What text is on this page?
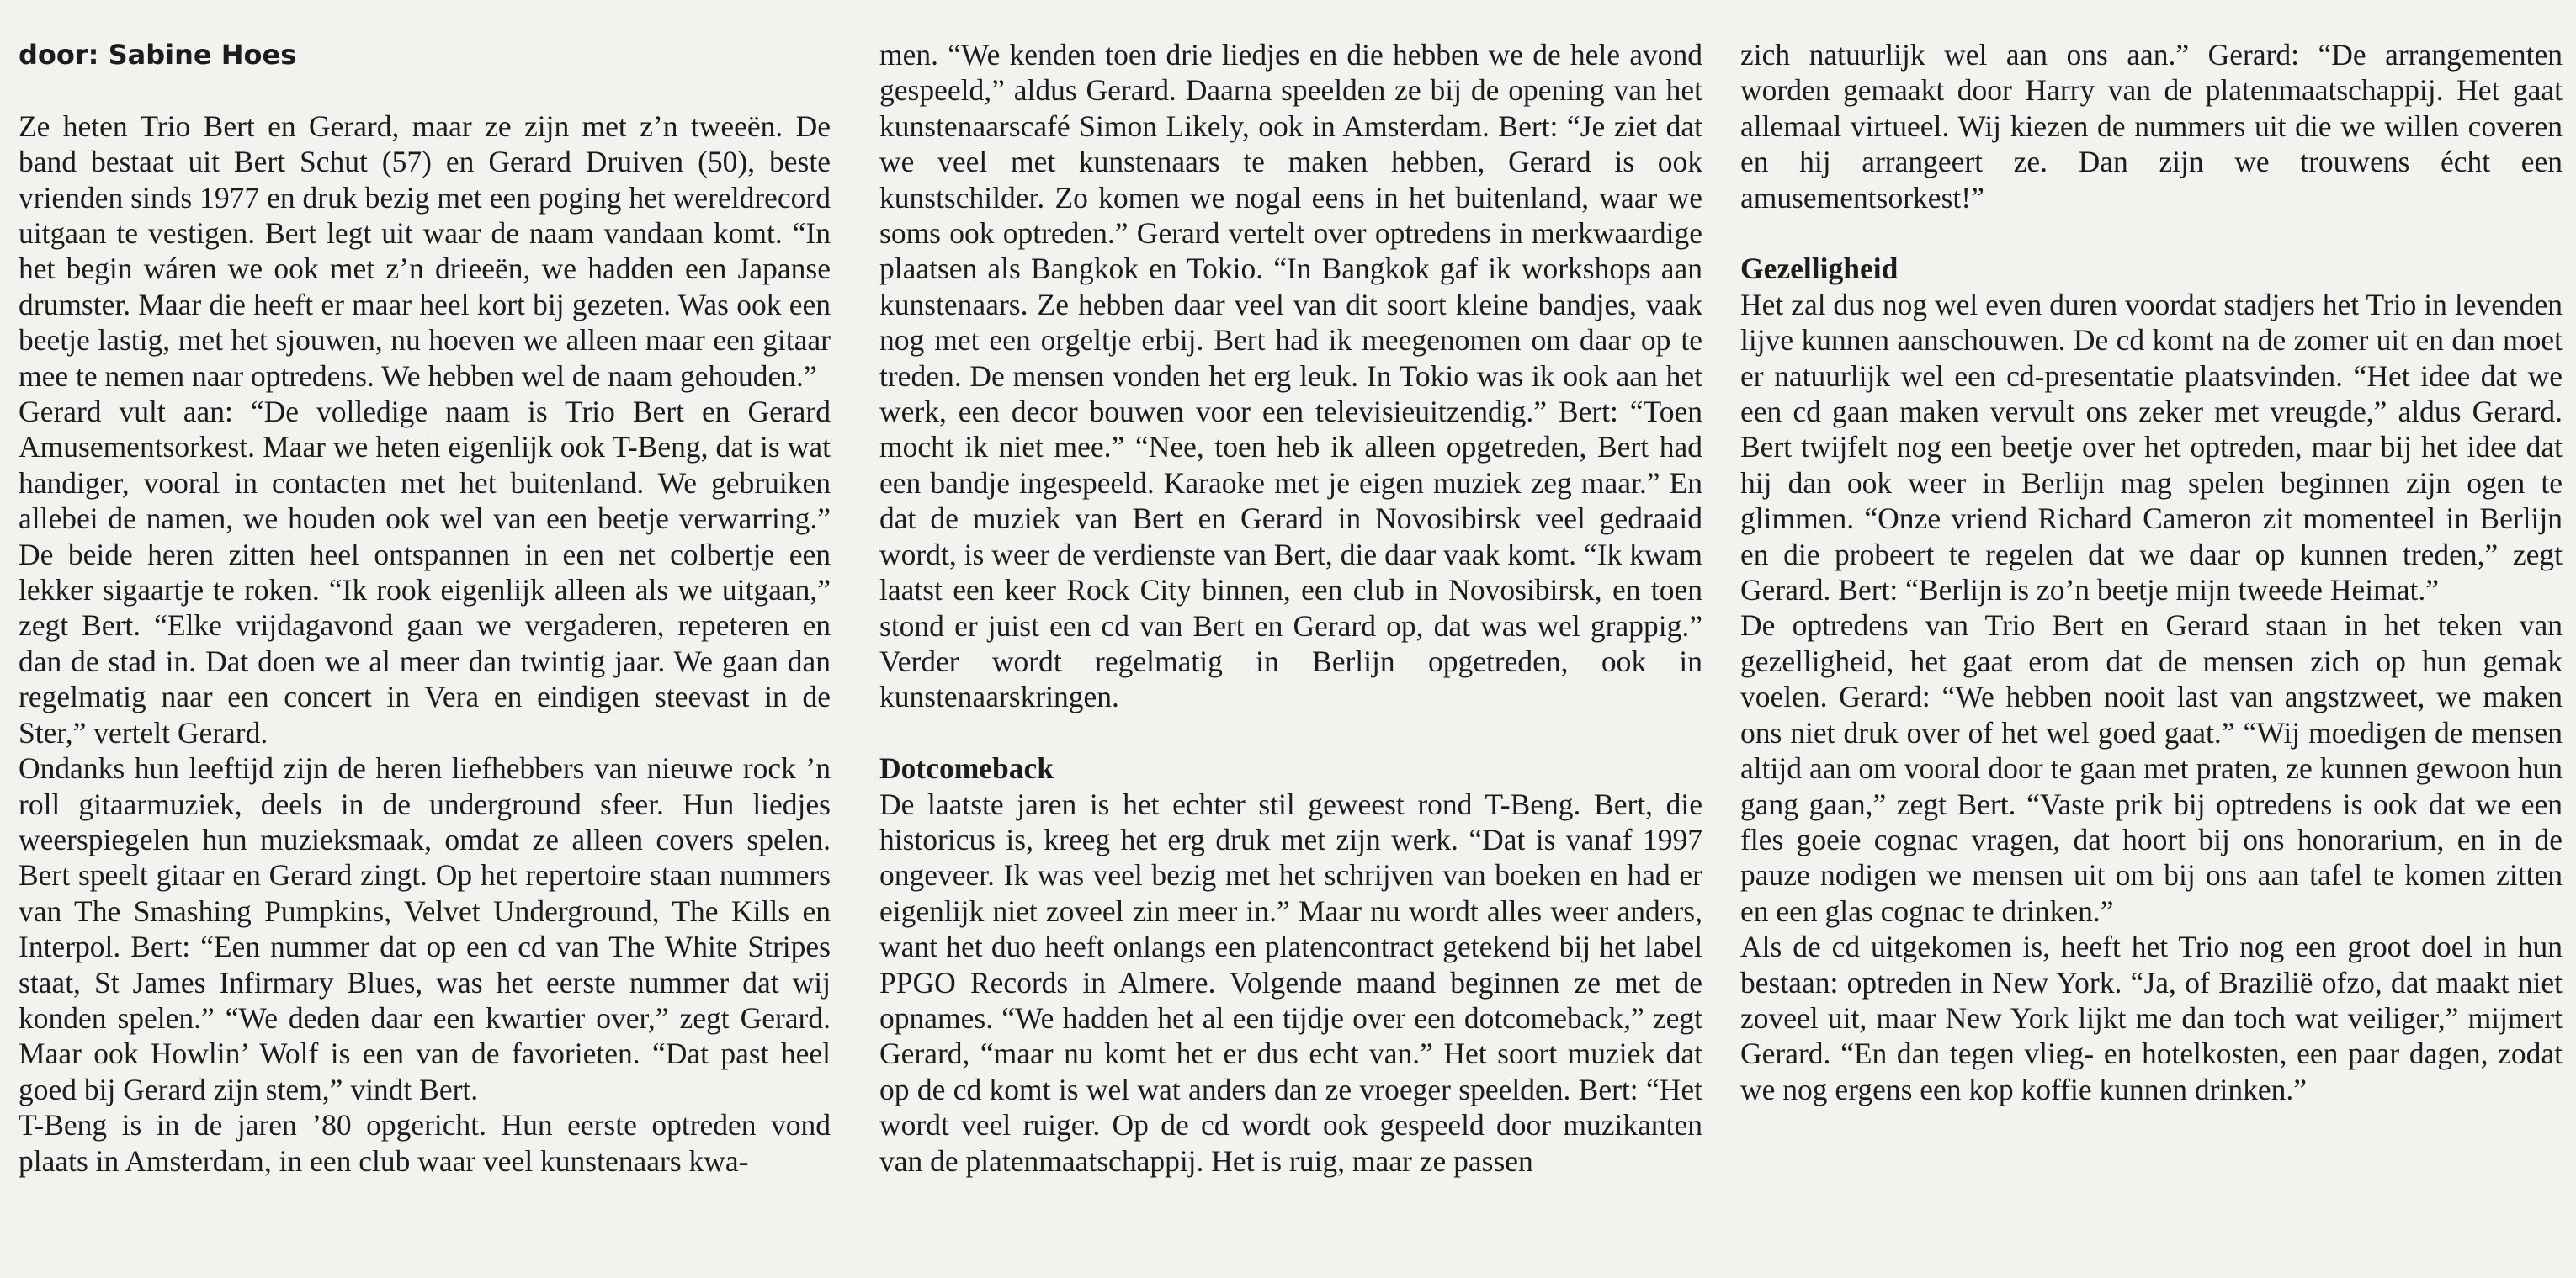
door: Sabine Hoes

Ze heten Trio Bert en Gerard, maar ze zijn met z’n tweeën. De band bestaat uit Bert Schut (57) en Gerard Druiven (50), beste vrienden sinds 1977 en druk bezig met een poging het wereldrecord uitgaan te vestigen. Bert legt uit waar de naam vandaan komt. “In het begin wáren we ook met z’n drieeën, we hadden een Japanse drumster. Maar die heeft er maar heel kort bij gezeten. Was ook een beetje lastig, met het sjouwen, nu hoeven we alleen maar een gitaar mee te nemen naar optredens. We hebben wel de naam gehouden.”

Gerard vult aan: “De volledige naam is Trio Bert en Gerard Amusementsorkest. Maar we heten eigenlijk ook T-Beng, dat is wat handiger, vooral in contacten met het buitenland. We gebruiken allebei de namen, we houden ook wel van een beetje verwarring.” De beide heren zitten heel ontspannen in een net colbertje een lekker sigaartje te roken. “Ik rook eigenlijk alleen als we uitgaan,” zegt Bert. “Elke vrijdagavond gaan we vergaderen, repeteren en dan de stad in. Dat doen we al meer dan twintig jaar. We gaan dan regelmatig naar een concert in Vera en eindigen steevast in de Ster,” vertelt Gerard.

Ondanks hun leeftijd zijn de heren liefhebbers van nieuwe rock ’n roll gitaarmuziek, deels in de underground sfeer. Hun liedjes weerspiegelen hun muzieksmaak, omdat ze alleen covers spelen. Bert speelt gitaar en Gerard zingt. Op het repertoire staan nummers van The Smashing Pumpkins, Velvet Underground, The Kills en Interpol. Bert: “Een nummer dat op een cd van The White Stripes staat, St James Infirmary Blues, was het eerste nummer dat wij konden spelen.” “We deden daar een kwartier over,” zegt Gerard. Maar ook Howlin’ Wolf is een van de favorieten. “Dat past heel goed bij Gerard zijn stem,” vindt Bert.

T-Beng is in de jaren ’80 opgericht. Hun eerste optreden vond plaats in Amsterdam, in een club waar veel kunstenaars kwa-

men. “We kenden toen drie liedjes en die hebben we de hele avond gespeeld,” aldus Gerard. Daarna speelden ze bij de opening van het kunstenaarscafé Simon Likely, ook in Amsterdam. Bert: “Je ziet dat we veel met kunstenaars te maken hebben, Gerard is ook kunstschilder. Zo komen we nogal eens in het buitenland, waar we soms ook optreden.” Gerard vertelt over optredens in merkwaardige plaatsen als Bangkok en Tokio. “In Bangkok gaf ik workshops aan kunstenaars. Ze hebben daar veel van dit soort kleine bandjes, vaak nog met een orgeltje erbij. Bert had ik meegenomen om daar op te treden. De mensen vonden het erg leuk. In Tokio was ik ook aan het werk, een decor bouwen voor een televisieuitzendig.” Bert: “Toen mocht ik niet mee.” “Nee, toen heb ik alleen opgetreden, Bert had een bandje ingespeeld. Karaoke met je eigen muziek zeg maar.” En dat de muziek van Bert en Gerard in Novosibirsk veel gedraaid wordt, is weer de verdienste van Bert, die daar vaak komt. “Ik kwam laatst een keer Rock City binnen, een club in Novosibirsk, en toen stond er juist een cd van Bert en Gerard op, dat was wel grappig.” Verder wordt regelmatig in Berlijn opgetreden, ook in kunstenaarskringen.

Dotcomeback

De laatste jaren is het echter stil geweest rond T-Beng. Bert, die historicus is, kreeg het erg druk met zijn werk. “Dat is vanaf 1997 ongeveer. Ik was veel bezig met het schrijven van boeken en had er eigenlijk niet zoveel zin meer in.” Maar nu wordt alles weer anders, want het duo heeft onlangs een platencontract getekend bij het label PPGO Records in Almere. Volgende maand beginnen ze met de opnames. “We hadden het al een tijdje over een dotcomeback,” zegt Gerard, “maar nu komt het er dus echt van.” Het soort muziek dat op de cd komt is wel wat anders dan ze vroeger speelden. Bert: “Het wordt veel ruiger. Op de cd wordt ook gespeeld door muzikanten van de platenmaatschappij. Het is ruig, maar ze passen

zich natuurlijk wel aan ons aan.” Gerard: “De arrangementen worden gemaakt door Harry van de platenmaatschappij. Het gaat allemaal virtueel. Wij kiezen de nummers uit die we willen coveren en hij arrangeert ze. Dan zijn we trouwens écht een amusementsorkest!”

Gezelligheid

Het zal dus nog wel even duren voordat stadjers het Trio in levenden lijve kunnen aanschouwen. De cd komt na de zomer uit en dan moet er natuurlijk wel een cd-presentatie plaatsvinden. “Het idee dat we een cd gaan maken vervult ons zeker met vreugde,” aldus Gerard. Bert twijfelt nog een beetje over het optreden, maar bij het idee dat hij dan ook weer in Berlijn mag spelen beginnen zijn ogen te glimmen. “Onze vriend Richard Cameron zit momenteel in Berlijn en die probeert te regelen dat we daar op kunnen treden,” zegt Gerard. Bert: “Berlijn is zo’n beetje mijn tweede Heimat.”

De optredens van Trio Bert en Gerard staan in het teken van gezelligheid, het gaat erom dat de mensen zich op hun gemak voelen. Gerard: “We hebben nooit last van angstzweet, we maken ons niet druk over of het wel goed gaat.” “Wij moedigen de mensen altijd aan om vooral door te gaan met praten, ze kunnen gewoon hun gang gaan,” zegt Bert. “Vaste prik bij optredens is ook dat we een fles goeie cognac vragen, dat hoort bij ons honorarium, en in de pauze nodigen we mensen uit om bij ons aan tafel te komen zitten en een glas cognac te drinken.”

Als de cd uitgekomen is, heeft het Trio nog een groot doel in hun bestaan: optreden in New York. “Ja, of Brazilië ofzo, dat maakt niet zoveel uit, maar New York lijkt me dan toch wat veiliger,” mijmert Gerard. “En dan tegen vlieg- en hotelkosten, een paar dagen, zodat we nog ergens een kop koffie kunnen drinken.”
